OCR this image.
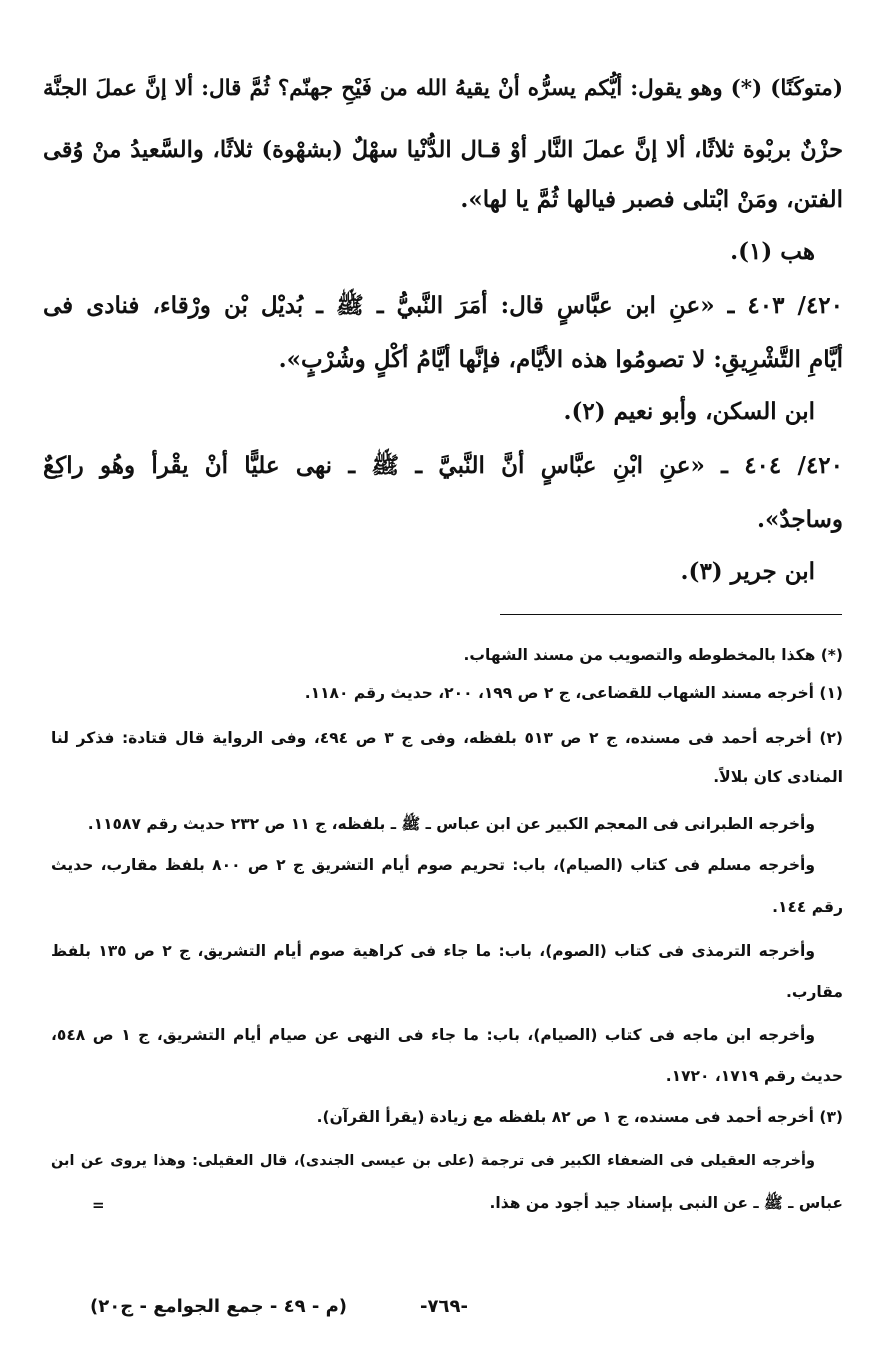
(متوكَنًا) (*) وهو يقول: أيُّكم يسرُّه أنْ يقيهُ الله من فَيْحِ جهنّم؟ ثُمَّ قال: ألا إنَّ عملَ الجنَّة
حزْنٌ بربْوة ثلاثًا، ألا إنَّ عملَ النَّار أوْ قـال الدُّنْيا سهْلٌ (بشهْوة) ثلاثًا، والسَّعيدُ منْ وُقى
الفتن، ومَنْ ابْتلى فصبر فيالها ثُمَّ يا لها».
هب (١).
٤٢٠/ ٤٠٣ ـ «عنِ ابن عبَّاسٍ قال: أمَرَ النَّبيُّ ـ ﷺ ـ بُديْل بْن ورْقاء، فنادى فى
أيَّامِ التَّشْرِيقِ: لا تصومُوا هذه الأيَّام، فإنَّها أيَّامُ أكْلٍ وشُرْبٍ».
ابن السكن، وأبو نعيم (٢).
٤٢٠/ ٤٠٤ ـ «عنِ ابْنِ عبَّاسٍ أنَّ النَّبيَّ ـ ﷺ ـ نهى عليًّا أنْ يقْرأ وهُو راكِعٌ
وساجدٌ».
ابن جرير (٣).
(*) هكذا بالمخطوطه والتصويب من مسند الشهاب.
(١) أخرجه مسند الشهاب للقضاعى، ج ٢ ص ١٩٩، ٢٠٠، حديث رقم ١١٨٠.
(٢) أخرجه أحمد فى مسنده، ج ٢ ص ٥١٣ بلفظه، وفى ج ٣ ص ٤٩٤، وفى الرواية قال قتادة: فذكر لنا
المنادى كان بلالاً.
وأخرجه الطبرانى فى المعجم الكبير عن ابن عباس ـ ﷺ ـ بلفظه، ج ١١ ص ٢٣٢ حديث رقم ١١٥٨٧.
وأخرجه مسلم فى كتاب (الصيام)، باب: تحريم صوم أيام التشريق ج ٢ ص ٨٠٠ بلفظ مقارب، حديث
رقم ١٤٤.
وأخرجه الترمذى فى كتاب (الصوم)، باب: ما جاء فى كراهية صوم أيام التشريق، ج ٢ ص ١٣٥ بلفظ
مقارب.
وأخرجه ابن ماجه فى كتاب (الصيام)، باب: ما جاء فى النهى عن صيام أيام التشريق، ج ١ ص ٥٤٨،
حديث رقم ١٧١٩، ١٧٢٠.
(٣) أخرجه أحمد فى مسنده، ج ١ ص ٨٢ بلفظه مع زيادة (يقرأ القرآن).
وأخرجه العقيلى فى الضعفاء الكبير فى ترجمة (على بن عيسى الجندى)، قال العقيلى: وهذا يروى عن ابن
عباس ـ ﷺ ـ عن النبى بإسناد جيد أجود من هذا.
=
-٧٦٩-
(م - ٤٩ - جمع الجوامع - ج٢٠)
